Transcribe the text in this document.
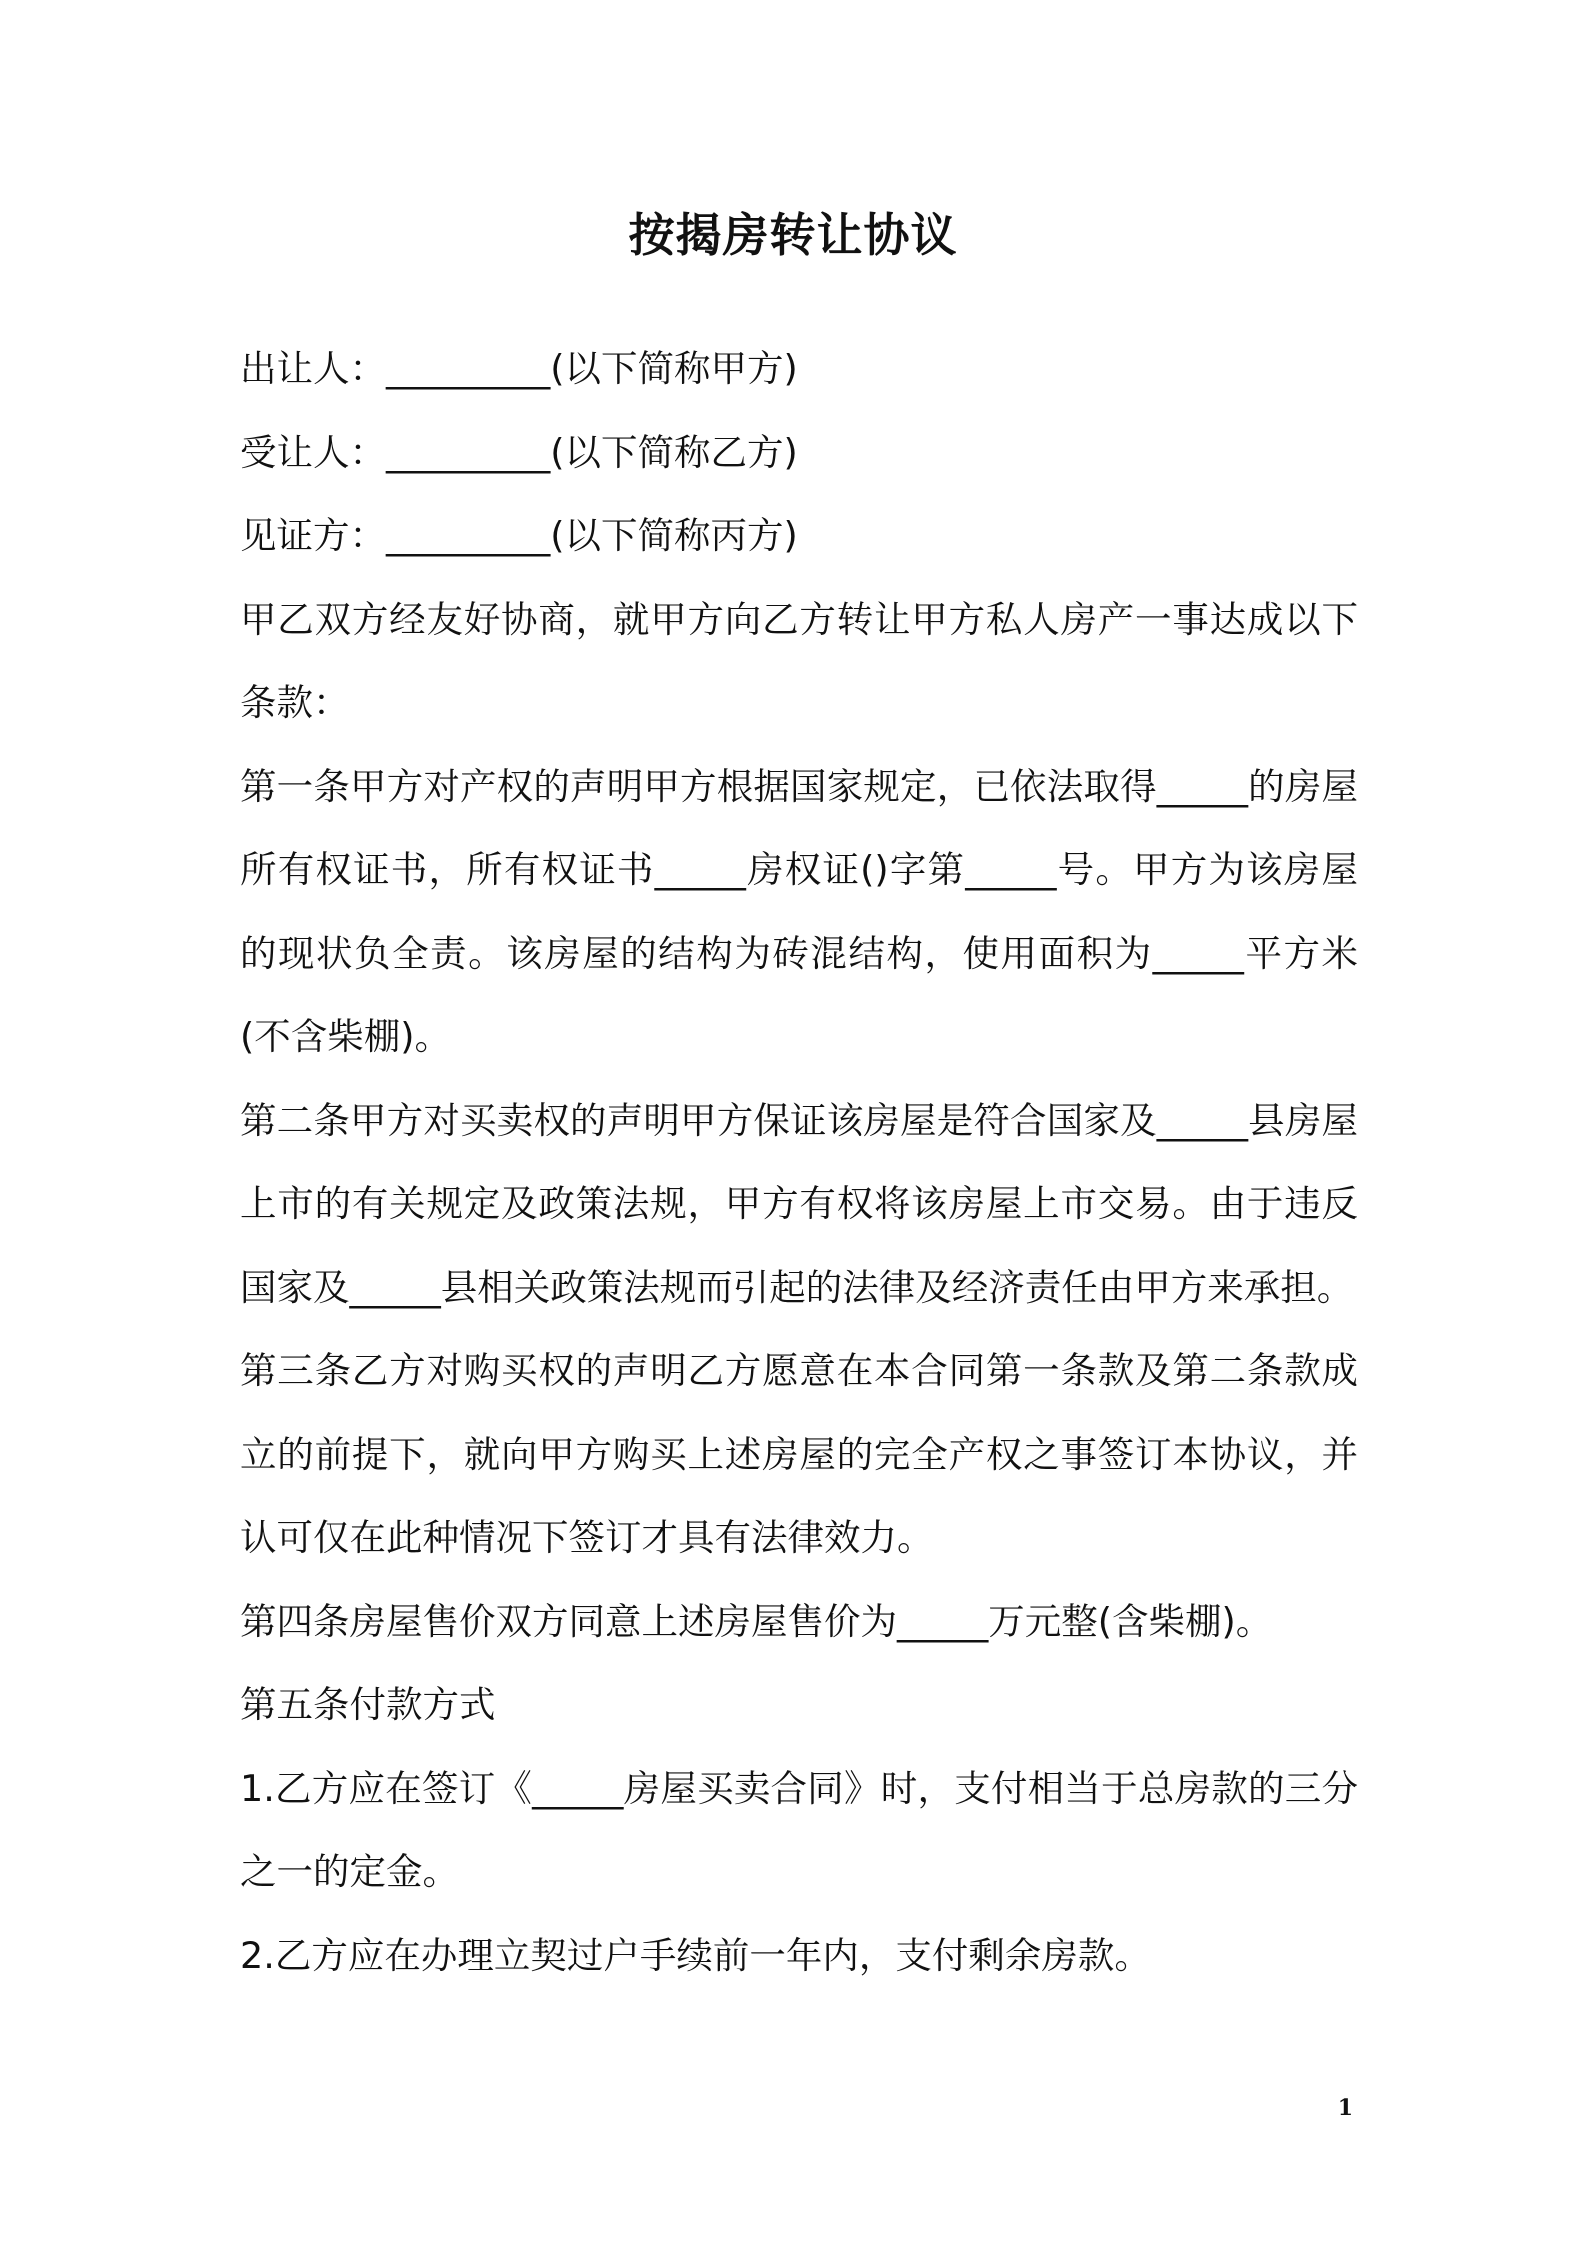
按揭房转让协议

出让人：_________(以下简称甲方)

受让人：_________(以下简称乙方)

见证方：_________(以下简称丙方)

甲乙双方经友好协商，就甲方向乙方转让甲方私人房产一事达成以下条款：

第一条甲方对产权的声明甲方根据国家规定，已依法取得_____的房屋所有权证书，所有权证书_____房权证()字第_____号。甲方为该房屋的现状负全责。该房屋的结构为砖混结构，使用面积为_____平方米(不含柴棚)。

第二条甲方对买卖权的声明甲方保证该房屋是符合国家及_____县房屋上市的有关规定及政策法规，甲方有权将该房屋上市交易。由于违反国家及_____县相关政策法规而引起的法律及经济责任由甲方来承担。

第三条乙方对购买权的声明乙方愿意在本合同第一条款及第二条款成立的前提下，就向甲方购买上述房屋的完全产权之事签订本协议，并认可仅在此种情况下签订才具有法律效力。

第四条房屋售价双方同意上述房屋售价为_____万元整(含柴棚)。

第五条付款方式

1.乙方应在签订《_____房屋买卖合同》时，支付相当于总房款的三分之一的定金。

2.乙方应在办理立契过户手续前一年内，支付剩余房款。

1
